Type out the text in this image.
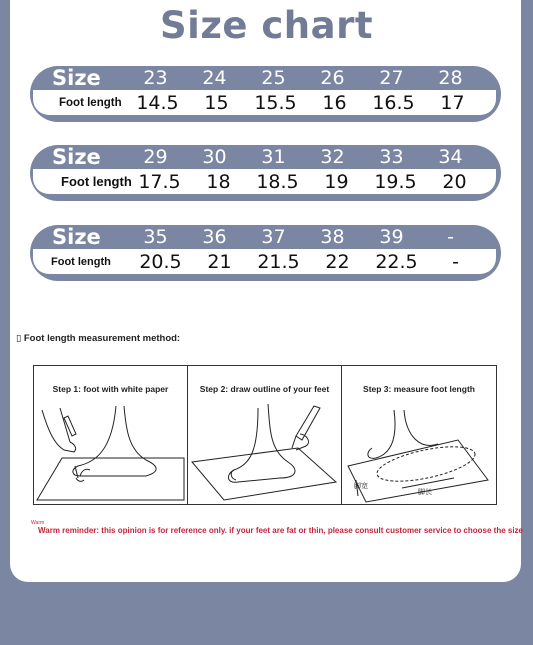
Size chart
Size	23	24	25	26	27	28
Foot length 14.5	15	15.5	16	16.5	17
Size	29	30	31	32	33	34
Foot length 17.5	18	18.5	19	19.5	20
Size	35	36	37	38	39	-
Foot length	20.5	21	21.5	22	22.5	-
▯ Foot length measurement method:
Step 1: foot with white paper	Step 2: draw outline of your feet	Step 3: measure foot length
脚宽
脚长
Warm
Warm reminder: this opinion is for reference only. if your feet are fat or thin, please consult customer service to choose the size
